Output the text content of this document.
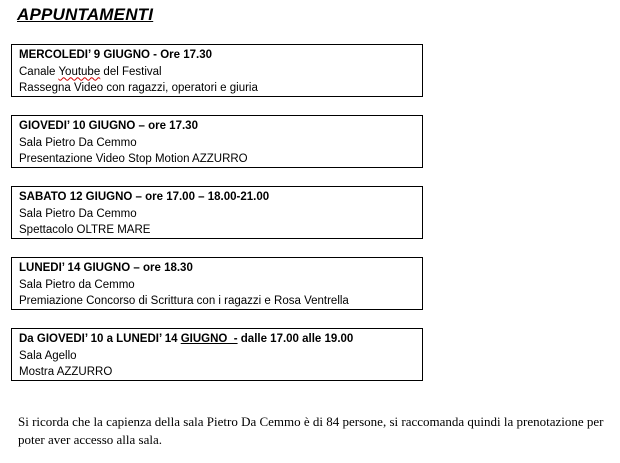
APPUNTAMENTI
MERCOLEDI’ 9 GIUGNO - Ore 17.30
Canale Youtube del Festival
Rassegna Video con ragazzi, operatori e giuria
GIOVEDI’ 10 GIUGNO – ore 17.30
Sala Pietro Da Cemmo
Presentazione Video Stop Motion AZZURRO
SABATO 12 GIUGNO – ore 17.00 – 18.00-21.00
Sala Pietro Da Cemmo
Spettacolo OLTRE MARE
LUNEDI’ 14 GIUGNO – ore 18.30
Sala Pietro da Cemmo
Premiazione Concorso di Scrittura con i ragazzi e Rosa Ventrella
Da GIOVEDI’ 10 a LUNEDI’ 14 GIUGNO  - dalle 17.00 alle 19.00
Sala Agello
Mostra AZZURRO

Si ricorda che la capienza della sala Pietro Da Cemmo è di 84 persone, si raccomanda quindi la prenotazione per poter aver accesso alla sala.
